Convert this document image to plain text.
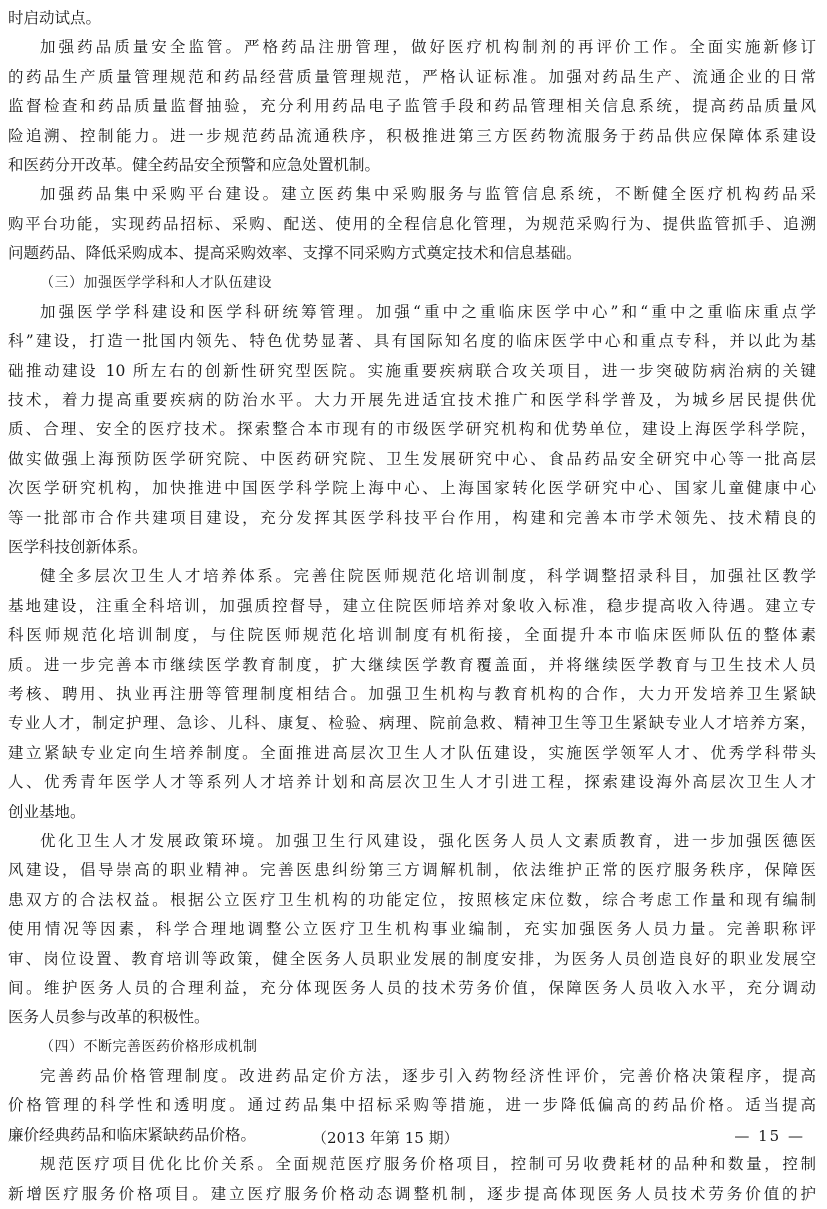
时启动试点。
加强药品质量安全监管。严格药品注册管理，做好医疗机构制剂的再评价工作。全面实施新修订
的药品生产质量管理规范和药品经营质量管理规范，严格认证标准。加强对药品生产、流通企业的日常
监督检查和药品质量监督抽验，充分利用药品电子监管手段和药品管理相关信息系统，提高药品质量风
险追溯、控制能力。进一步规范药品流通秩序，积极推进第三方医药物流服务于药品供应保障体系建设
和医药分开改革。健全药品安全预警和应急处置机制。
加强药品集中采购平台建设。建立医药集中采购服务与监管信息系统，不断健全医疗机构药品采
购平台功能，实现药品招标、采购、配送、使用的全程信息化管理，为规范采购行为、提供监管抓手、追溯
问题药品、降低采购成本、提高采购效率、支撑不同采购方式奠定技术和信息基础。
（三）加强医学学科和人才队伍建设
加强医学学科建设和医学科研统筹管理。加强“重中之重临床医学中心”和“重中之重临床重点学
科”建设，打造一批国内领先、特色优势显著、具有国际知名度的临床医学中心和重点专科，并以此为基
础推动建设 10 所左右的创新性研究型医院。实施重要疾病联合攻关项目，进一步突破防病治病的关键
技术，着力提高重要疾病的防治水平。大力开展先进适宜技术推广和医学科学普及，为城乡居民提供优
质、合理、安全的医疗技术。探索整合本市现有的市级医学研究机构和优势单位，建设上海医学科学院，
做实做强上海预防医学研究院、中医药研究院、卫生发展研究中心、食品药品安全研究中心等一批高层
次医学研究机构，加快推进中国医学科学院上海中心、上海国家转化医学研究中心、国家儿童健康中心
等一批部市合作共建项目建设，充分发挥其医学科技平台作用，构建和完善本市学术领先、技术精良的
医学科技创新体系。
健全多层次卫生人才培养体系。完善住院医师规范化培训制度，科学调整招录科目，加强社区教学
基地建设，注重全科培训，加强质控督导，建立住院医师培养对象收入标准，稳步提高收入待遇。建立专
科医师规范化培训制度，与住院医师规范化培训制度有机衔接，全面提升本市临床医师队伍的整体素
质。进一步完善本市继续医学教育制度，扩大继续医学教育覆盖面，并将继续医学教育与卫生技术人员
考核、聘用、执业再注册等管理制度相结合。加强卫生机构与教育机构的合作，大力开发培养卫生紧缺
专业人才，制定护理、急诊、儿科、康复、检验、病理、院前急救、精神卫生等卫生紧缺专业人才培养方案，
建立紧缺专业定向生培养制度。全面推进高层次卫生人才队伍建设，实施医学领军人才、优秀学科带头
人、优秀青年医学人才等系列人才培养计划和高层次卫生人才引进工程，探索建设海外高层次卫生人才
创业基地。
优化卫生人才发展政策环境。加强卫生行风建设，强化医务人员人文素质教育，进一步加强医德医
风建设，倡导崇高的职业精神。完善医患纠纷第三方调解机制，依法维护正常的医疗服务秩序，保障医
患双方的合法权益。根据公立医疗卫生机构的功能定位，按照核定床位数，综合考虑工作量和现有编制
使用情况等因素，科学合理地调整公立医疗卫生机构事业编制，充实加强医务人员力量。完善职称评
审、岗位设置、教育培训等政策，健全医务人员职业发展的制度安排，为医务人员创造良好的职业发展空
间。维护医务人员的合理利益，充分体现医务人员的技术劳务价值，保障医务人员收入水平，充分调动
医务人员参与改革的积极性。
（四）不断完善医药价格形成机制
完善药品价格管理制度。改进药品定价方法，逐步引入药物经济性评价，完善价格决策程序，提高
价格管理的科学性和透明度。通过药品集中招标采购等措施，进一步降低偏高的药品价格。适当提高
廉价经典药品和临床紧缺药品价格。
规范医疗项目优化比价关系。全面规范医疗服务价格项目，控制可另收费耗材的品种和数量，控制
新增医疗服务价格项目。建立医疗服务价格动态调整机制，逐步提高体现医务人员技术劳务价值的护
（2013 年第 15 期）	— 15 —
